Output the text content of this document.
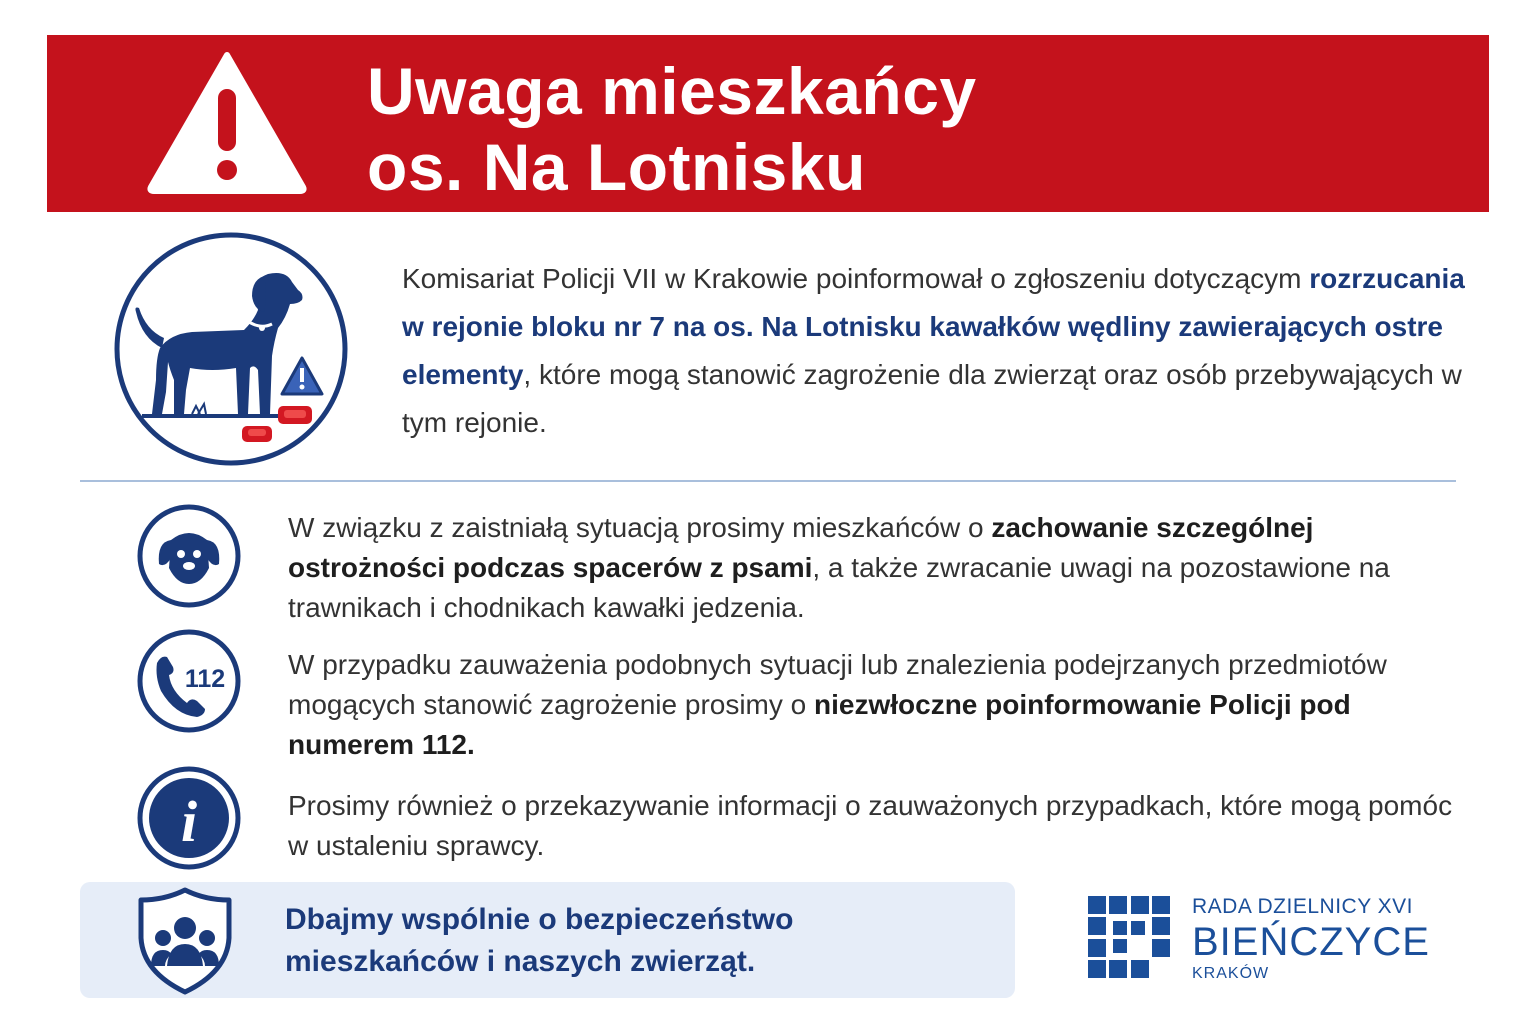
Uwaga mieszkańcy
os. Na Lotnisku
Komisariat Policji VII w Krakowie poinformował o zgłoszeniu dotyczącym rozrzucania w rejonie bloku nr 7 na os. Na Lotnisku kawałków wędliny zawierających ostre elementy, które mogą stanowić zagrożenie dla zwierząt oraz osób przebywających w tym rejonie.
W związku z zaistniałą sytuacją prosimy mieszkańców o zachowanie szczególnej ostrożności podczas spacerów z psami, a także zwracanie uwagi na pozostawione na trawnikach i chodnikach kawałki jedzenia.
112 W przypadku zauważenia podobnych sytuacji lub znalezienia podejrzanych przedmiotów mogących stanowić zagrożenie prosimy o niezwłoczne poinformowanie Policji pod numerem 112.
i	Prosimy również o przekazywanie informacji o zauważonych przypadkach, które mogą pomóc w ustaleniu sprawcy.
Dbajmy wspólnie o bezpieczeństwo
mieszkańców i naszych zwierząt.
RADA DZIELNICY XVI
BIEŃCZYCE
KRAKÓW
